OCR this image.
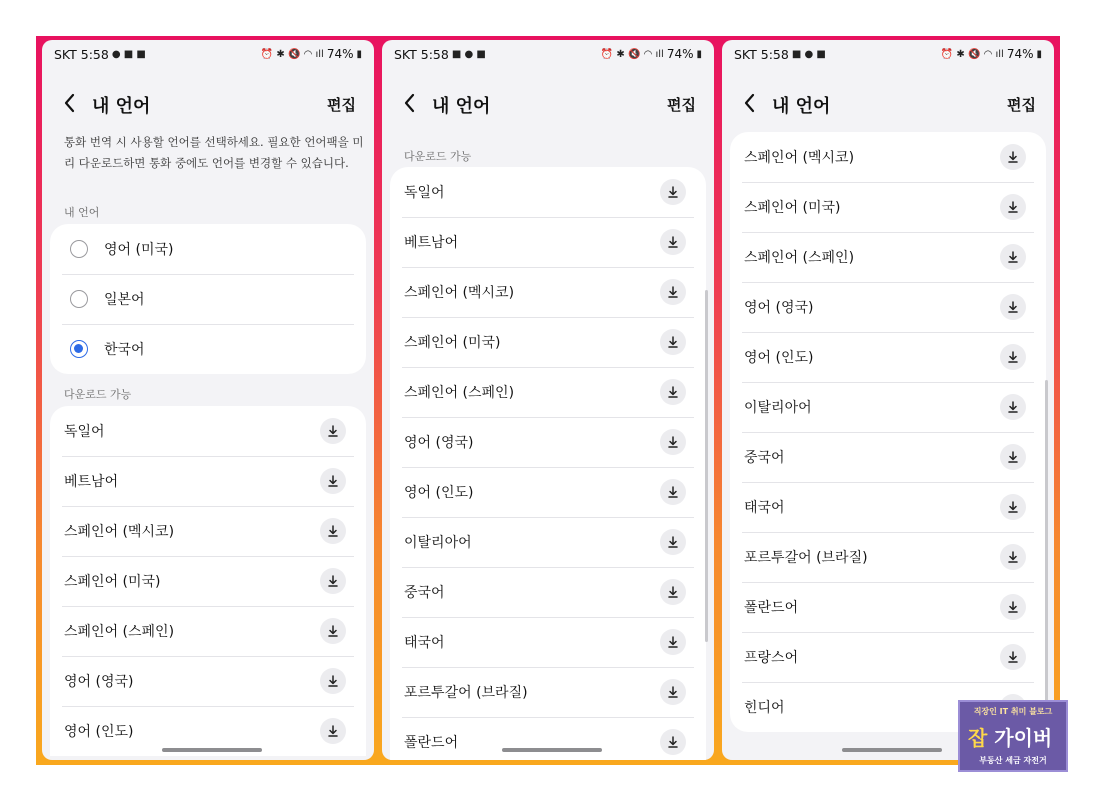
SKT 5:58 ● ■ ■	⏰ ✱ 🔇 ◠ ıll 74% ▮
내 언어	편집
통화 번역 시 사용할 언어를 선택하세요. 필요한 언어팩을 미리 다운로드하면 통화 중에도 언어를 변경할 수 있습니다.
내 언어
영어 (미국)
일본어
한국어
다운로드 가능
독일어
베트남어
스페인어 (멕시코)
스페인어 (미국)
스페인어 (스페인)
영어 (영국)
영어 (인도)
SKT 5:58 ■ ● ■	⏰ ✱ 🔇 ◠ ıll 74% ▮
내 언어	편집
다운로드 가능
독일어
베트남어
스페인어 (멕시코)
스페인어 (미국)
스페인어 (스페인)
영어 (영국)
영어 (인도)
이탈리아어
중국어
태국어
포르투갈어 (브라질)
폴란드어
SKT 5:58 ■ ● ■	⏰ ✱ 🔇 ◠ ıll 74% ▮
내 언어	편집
스페인어 (멕시코)
스페인어 (미국)
스페인어 (스페인)
영어 (영국)
영어 (인도)
이탈리아어
중국어
태국어
포르투갈어 (브라질)
폴란드어
프랑스어
힌디어	직장인 IT 취미 블로그
잡 가이버
부동산 세금 자전거
